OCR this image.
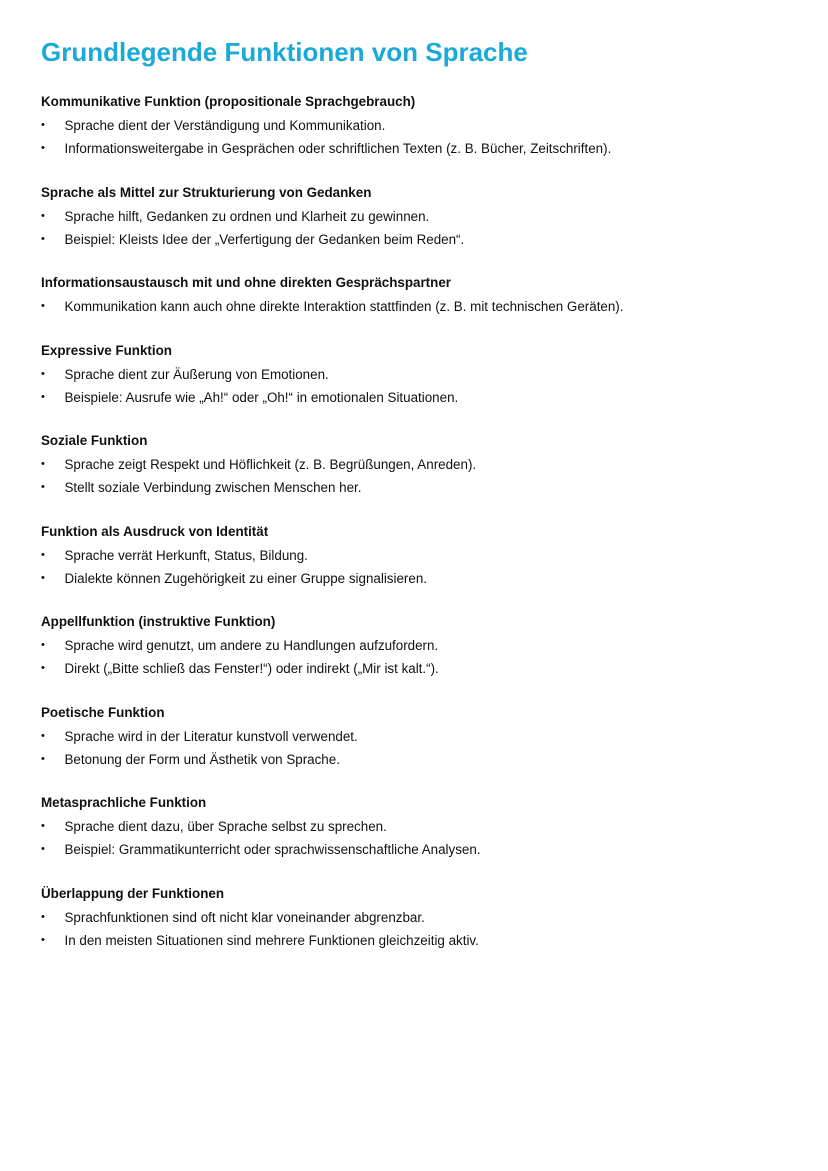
Grundlegende Funktionen von Sprache
Kommunikative Funktion (propositionale Sprachgebrauch)
• Sprache dient der Verständigung und Kommunikation.
• Informationsweitergabe in Gesprächen oder schriftlichen Texten (z. B. Bücher, Zeitschriften).
Sprache als Mittel zur Strukturierung von Gedanken
• Sprache hilft, Gedanken zu ordnen und Klarheit zu gewinnen.
• Beispiel: Kleists Idee der „Verfertigung der Gedanken beim Reden“.
Informationsaustausch mit und ohne direkten Gesprächspartner
• Kommunikation kann auch ohne direkte Interaktion stattfinden (z. B. mit technischen Geräten).
Expressive Funktion
• Sprache dient zur Äußerung von Emotionen.
• Beispiele: Ausrufe wie „Ah!“ oder „Oh!“ in emotionalen Situationen.
Soziale Funktion
• Sprache zeigt Respekt und Höflichkeit (z. B. Begrüßungen, Anreden).
• Stellt soziale Verbindung zwischen Menschen her.
Funktion als Ausdruck von Identität
• Sprache verrät Herkunft, Status, Bildung.
• Dialekte können Zugehörigkeit zu einer Gruppe signalisieren.
Appellfunktion (instruktive Funktion)
• Sprache wird genutzt, um andere zu Handlungen aufzufordern.
• Direkt („Bitte schließ das Fenster!“) oder indirekt („Mir ist kalt.“).
Poetische Funktion
• Sprache wird in der Literatur kunstvoll verwendet.
• Betonung der Form und Ästhetik von Sprache.
Metasprachliche Funktion
• Sprache dient dazu, über Sprache selbst zu sprechen.
• Beispiel: Grammatikunterricht oder sprachwissenschaftliche Analysen.
Überlappung der Funktionen
• Sprachfunktionen sind oft nicht klar voneinander abgrenzbar.
• In den meisten Situationen sind mehrere Funktionen gleichzeitig aktiv.
